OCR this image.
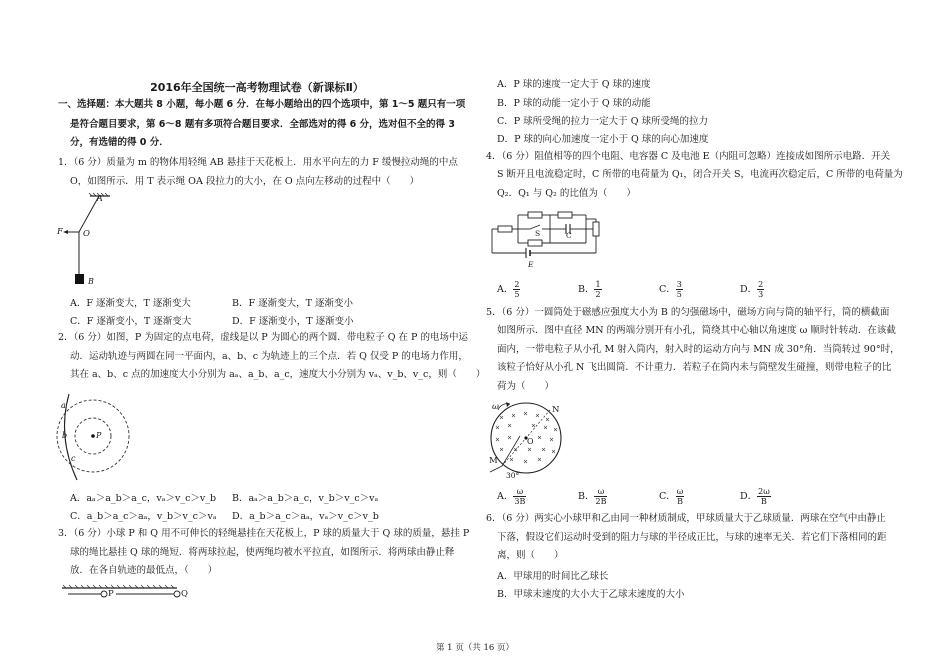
2016年全国统一高考物理试卷（新课标Ⅱ）
一、选择题：本大题共 8 小题，每小题 6 分．在每小题给出的四个选项中，第 1～5 题只有一项
是符合题目要求，第 6～8 题有多项符合题目要求．全部选对的得 6 分，选对但不全的得 3
分，有选错的得 0 分．
1．（6 分）质量为 m 的物体用轻绳 AB 悬挂于天花板上．用水平向左的力 F 缓慢拉动绳的中点
O，如图所示．用 T 表示绳 OA 段拉力的大小，在 O 点向左移动的过程中（　　）
A
F O
B
A．F 逐渐变大，T 逐渐变大	B．F 逐渐变大，T 逐渐变小
C．F 逐渐变小，T 逐渐变大	D．F 逐渐变小，T 逐渐变小
2．（6 分）如图，P 为固定的点电荷，虚线是以 P 为圆心的两个圆．带电粒子 Q 在 P 的电场中运
动．运动轨迹与两圆在同一平面内，a、b、c 为轨迹上的三个点．若 Q 仅受 P 的电场力作用，
其在 a、b、c 点的加速度大小分别为 aₐ、a_b、a_c，速度大小分别为 vₐ、v_b、v_c，则（　　）
a
b
c
P
A．aₐ＞a_b＞a_c，vₐ＞v_c＞v_b B．aₐ＞a_b＞a_c，v_b＞v_c＞vₐ
C．a_b＞a_c＞aₐ，v_b＞v_c＞vₐ D．a_b＞a_c＞aₐ，vₐ＞v_c＞v_b
3．（6 分）小球 P 和 Q 用不可伸长的轻绳悬挂在天花板上，P 球的质量大于 Q 球的质量，悬挂 P
球的绳比悬挂 Q 球的绳短．将两球拉起，使两绳均被水平拉直，如图所示．将两球由静止释
放．在各自轨迹的最低点，（　　）
P	Q
A．P 球的速度一定大于 Q 球的速度
B．P 球的动能一定小于 Q 球的动能
C．P 球所受绳的拉力一定大于 Q 球所受绳的拉力
D．P 球的向心加速度一定小于 Q 球的向心加速度
4．（6 分）阻值相等的四个电阻、电容器 C 及电池 E（内阻可忽略）连接成如图所示电路．开关
S 断开且电流稳定时，C 所带的电荷量为 Q₁，闭合开关 S，电流再次稳定后，C 所带的电荷量为
Q₂．Q₁ 与 Q₂ 的比值为（　　）
S	C
E
A． $\frac{2}{5}$	B． $\frac{1}{2}$	C． $\frac{3}{5}$	D． $\frac{2}{3}$
5．（6 分）一圆筒处于磁感应强度大小为 B 的匀强磁场中，磁场方向与筒的轴平行，筒的横截面
如图所示．图中直径 MN 的两端分别开有小孔，筒绕其中心轴以角速度 ω 顺时针转动．在该截
面内，一带电粒子从小孔 M 射入筒内，射入时的运动方向与 MN 成 30°角．当筒转过 90°时，
该粒子恰好从小孔 N 飞出圆筒．不计重力．若粒子在筒内未与筒壁发生碰撞，则带电粒子的比
荷为（　　）
ω	N
M
O
30°
A． $\frac{\omega}{3B}$	B． $\frac{\omega}{2B}$	C． $\frac{\omega}{B}$	D． $\frac{2\omega}{B}$
6．（6 分）两实心小球甲和乙由同一种材质制成，甲球质量大于乙球质量．两球在空气中由静止
下落，假设它们运动时受到的阻力与球的半径成正比，与球的速率无关．若它们下落相同的距
离，则（　　）
A．甲球用的时间比乙球长
B．甲球末速度的大小大于乙球末速度的大小
第 1 页（共 16 页）
